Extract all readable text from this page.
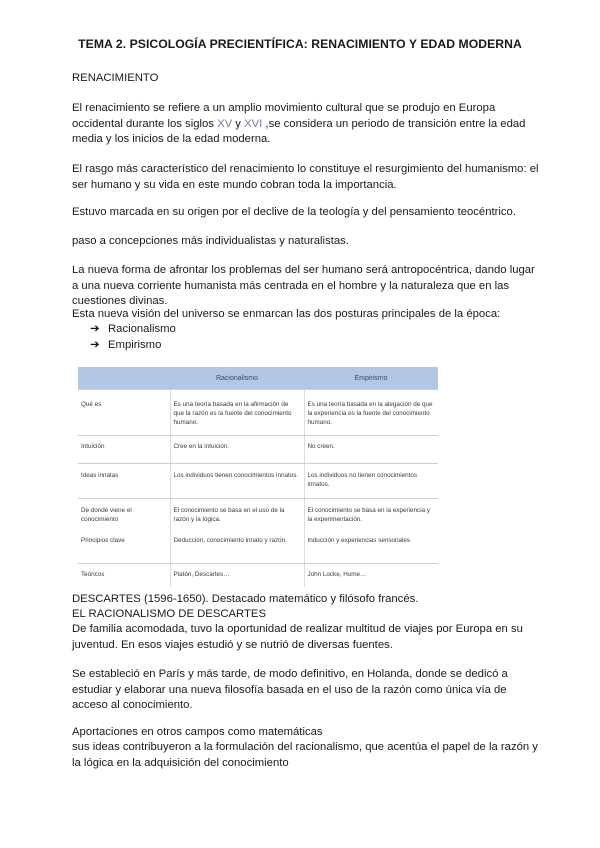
TEMA 2. PSICOLOGÍA PRECIENTÍFICA: RENACIMIENTO Y EDAD MODERNA

RENACIMIENTO

El renacimiento se refiere a un amplio movimiento cultural que se produjo en Europa occidental durante los siglos XV y XVI ,se considera un periodo de transición entre la edad media y los inicios de la edad moderna.

El rasgo más característico del renacimiento lo constituye el resurgimiento del humanismo: el ser humano y su vida en este mundo cobran toda la importancia.

Estuvo marcada en su origen por el declive de la teología y del pensamiento teocéntrico.

paso a concepciones más individualistas y naturalistas.

La nueva forma de afrontar los problemas del ser humano será antropocéntrica, dando lugar a una nueva corriente humanista más centrada en el hombre y la naturaleza que en las cuestiones divinas.

Esta nueva visión del universo se enmarcan las dos posturas principales de la época:

➔ Racionalismo
➔ Empirismo
	Racionalismo	Empirismo
Qué es	Es una teoría basada en la afirmación de que la razón es la fuente del conocimiento humano.	Es una teoría basada en la alegación de que la experiencia es la fuente del conocimiento humano.
Intuición	Cree en la intuición.	No creen.
Ideas innatas	Los individuos tienen conocimientos innatos.	Los individuos no tienen conocimientos innatos.
De donde viene el conocimiento	El conocimiento se basa en el uso de la razón y la lógica.	El conocimiento se basa en la experiencia y la experimentación.
Principios clave	Deducción, conocimiento innato y razón.	Inducción y experiencias sensoriales
Teóricos	Platón, Descartes…	John Locke, Hume…

DESCARTES (1596-1650). Destacado matemático y filósofo francés.

EL RACIONALISMO DE DESCARTES

De familia acomodada, tuvo la oportunidad de realizar multitud de viajes por Europa en su juventud. En esos viajes estudió y se nutrió de diversas fuentes.

Se estableció en París y más tarde, de modo definitivo, en Holanda, donde se dedicó a estudiar y elaborar una nueva filosofía basada en el uso de la razón como única vía de acceso al conocimiento.

Aportaciones en otros campos como matemáticas

sus ideas contribuyeron a la formulación del racionalismo, que acentúa el papel de la razón y la lógica en la adquisición del conocimiento
